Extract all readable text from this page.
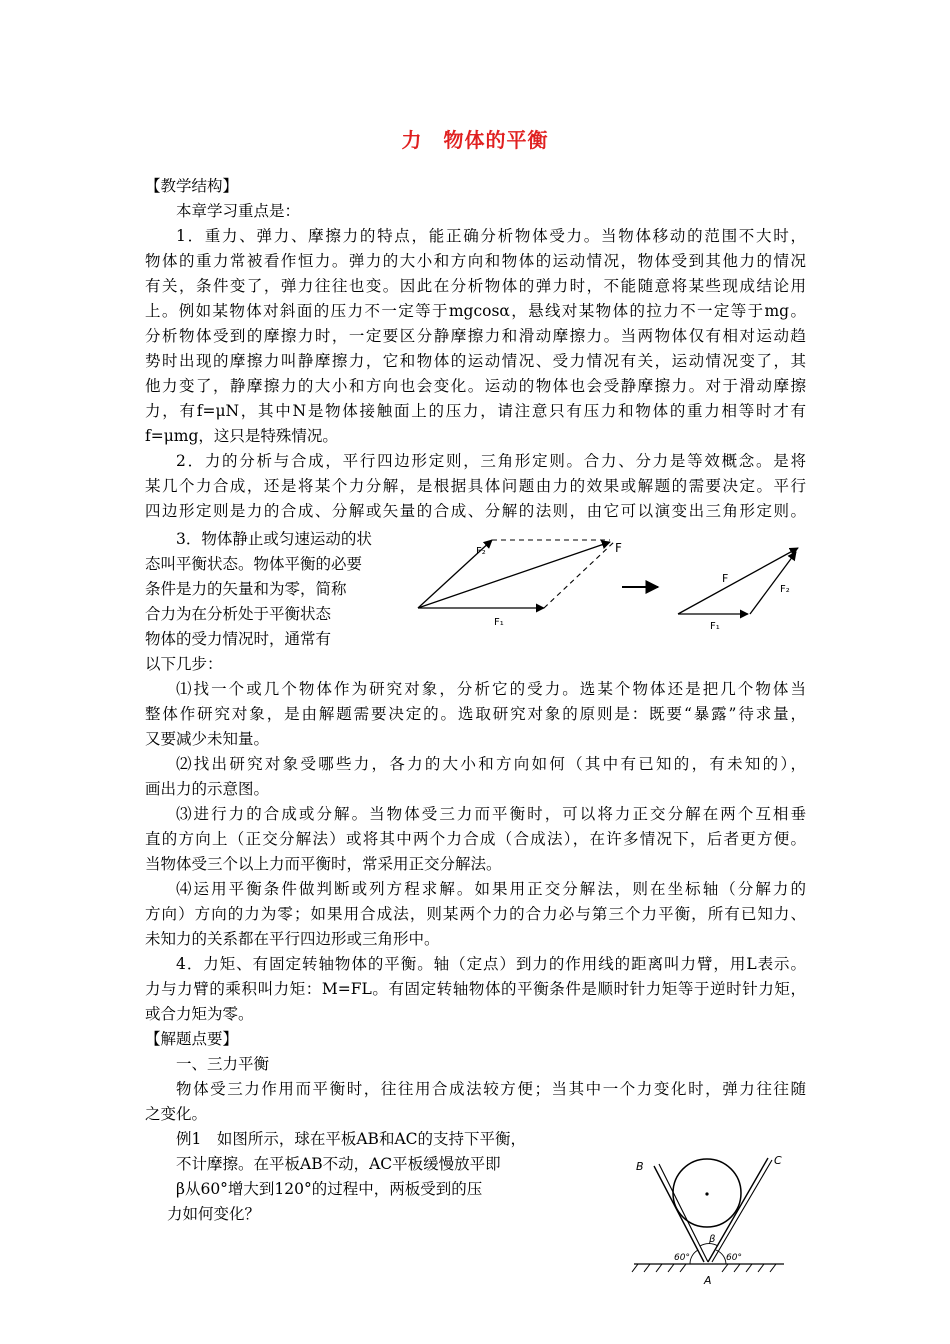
力　物体的平衡
【教学结构】
本章学习重点是：
1．重力、弹力、摩擦力的特点，能正确分析物体受力。当物体移动的范围不大时，
物体的重力常被看作恒力。弹力的大小和方向和物体的运动情况，物体受到其他力的情况
有关，条件变了，弹力往往也变。因此在分析物体的弹力时，不能随意将某些现成结论用
上。例如某物体对斜面的压力不一定等于mgcosα，悬线对某物体的拉力不一定等于mg。
分析物体受到的摩擦力时，一定要区分静摩擦力和滑动摩擦力。当两物体仅有相对运动趋
势时出现的摩擦力叫静摩擦力，它和物体的运动情况、受力情况有关，运动情况变了，其
他力变了，静摩擦力的大小和方向也会变化。运动的物体也会受静摩擦力。对于滑动摩擦
力，有f=μN，其中N是物体接触面上的压力，请注意只有压力和物体的重力相等时才有
f=μmg，这只是特殊情况。
2．力的分析与合成，平行四边形定则，三角形定则。合力、分力是等效概念。是将
某几个力合成，还是将某个力分解，是根据具体问题由力的效果或解题的需要决定。平行
四边形定则是力的合成、分解或矢量的合成、分解的法则，由它可以演变出三角形定则。
3．物体静止或匀速运动的状
态叫平衡状态。物体平衡的必要
条件是力的矢量和为零，简称
合力为在分析处于平衡状态
物体的受力情况时，通常有
以下几步：
⑴找一个或几个物体作为研究对象，分析它的受力。选某个物体还是把几个物体当
整体作研究对象，是由解题需要决定的。选取研究对象的原则是：既要“暴露”待求量，
又要减少未知量。
⑵找出研究对象受哪些力，各力的大小和方向如何（其中有已知的，有未知的），
画出力的示意图。
⑶进行力的合成或分解。当物体受三力而平衡时，可以将力正交分解在两个互相垂
直的方向上（正交分解法）或将其中两个力合成（合成法），在许多情况下，后者更方便。
当物体受三个以上力而平衡时，常采用正交分解法。
⑷运用平衡条件做判断或列方程求解。如果用正交分解法，则在坐标轴（分解力的
方向）方向的力为零；如果用合成法，则某两个力的合力必与第三个力平衡，所有已知力、
未知力的关系都在平行四边形或三角形中。
4．力矩、有固定转轴物体的平衡。轴（定点）到力的作用线的距离叫力臂，用L表示。
力与力臂的乘积叫力矩：M=FL。有固定转轴物体的平衡条件是顺时针力矩等于逆时针力矩，
或合力矩为零。
【解题点要】
一、三力平衡
物体受三力作用而平衡时，往往用合成法较方便；当其中一个力变化时，弹力往往随
之变化。
例1　如图所示，球在平板AB和AC的支持下平衡，
不计摩擦。在平板AB不动，AC平板缓慢放平即
β从60°增大到120°的过程中，两板受到的压
力如何变化？
F₂	F
F₁
F
F₂
F₁
B	C
A
β
60°	60°
